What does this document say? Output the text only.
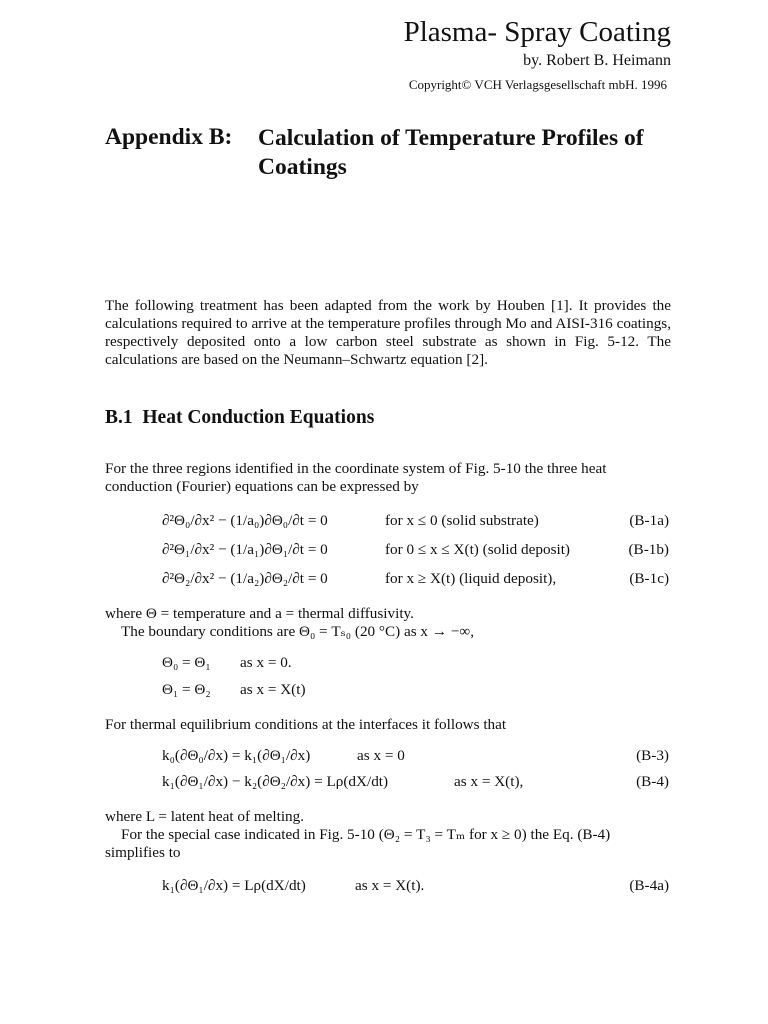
Plasma- Spray Coating
by. Robert B. Heimann
Copyright© VCH Verlagsgesellschaft mbH. 1996
Appendix B: Calculation of Temperature Profiles of Coatings
The following treatment has been adapted from the work by Houben [1]. It provides the calculations required to arrive at the temperature profiles through Mo and AISI-316 coatings, respectively deposited onto a low carbon steel substrate as shown in Fig. 5-12. The calculations are based on the Neumann–Schwartz equation [2].
B.1 Heat Conduction Equations
For the three regions identified in the coordinate system of Fig. 5-10 the three heat conduction (Fourier) equations can be expressed by
∂²Θ₀/∂x² − (1/a₀)∂Θ₀/∂t = 0	for x ≤ 0 (solid substrate)	(B-1a)
∂²Θ₁/∂x² − (1/a₁)∂Θ₁/∂t = 0	for 0 ≤ x ≤ X(t) (solid deposit)	(B-1b)
∂²Θ₂/∂x² − (1/a₂)∂Θ₂/∂t = 0	for x ≥ X(t) (liquid deposit),	(B-1c)
where Θ = temperature and a = thermal diffusivity.
The boundary conditions are Θ₀ = Tₛ₀ (20 °C) as x → −∞,
Θ₀ = Θ₁ as x = 0.
Θ₁ = Θ₂ as x = X(t)
For thermal equilibrium conditions at the interfaces it follows that
k₀(∂Θ₀/∂x) = k₁(∂Θ₁/∂x)	as x = 0	(B-3)
k₁(∂Θ₁/∂x) − k₂(∂Θ₂/∂x) = Lρ(dX/dt)	as x = X(t),	(B-4)
where L = latent heat of melting.
For the special case indicated in Fig. 5-10 (Θ₂ = T₃ = Tₘ for x ≥ 0) the Eq. (B-4) simplifies to
k₁(∂Θ₁/∂x) = Lρ(dX/dt)	as x = X(t).	(B-4a)
